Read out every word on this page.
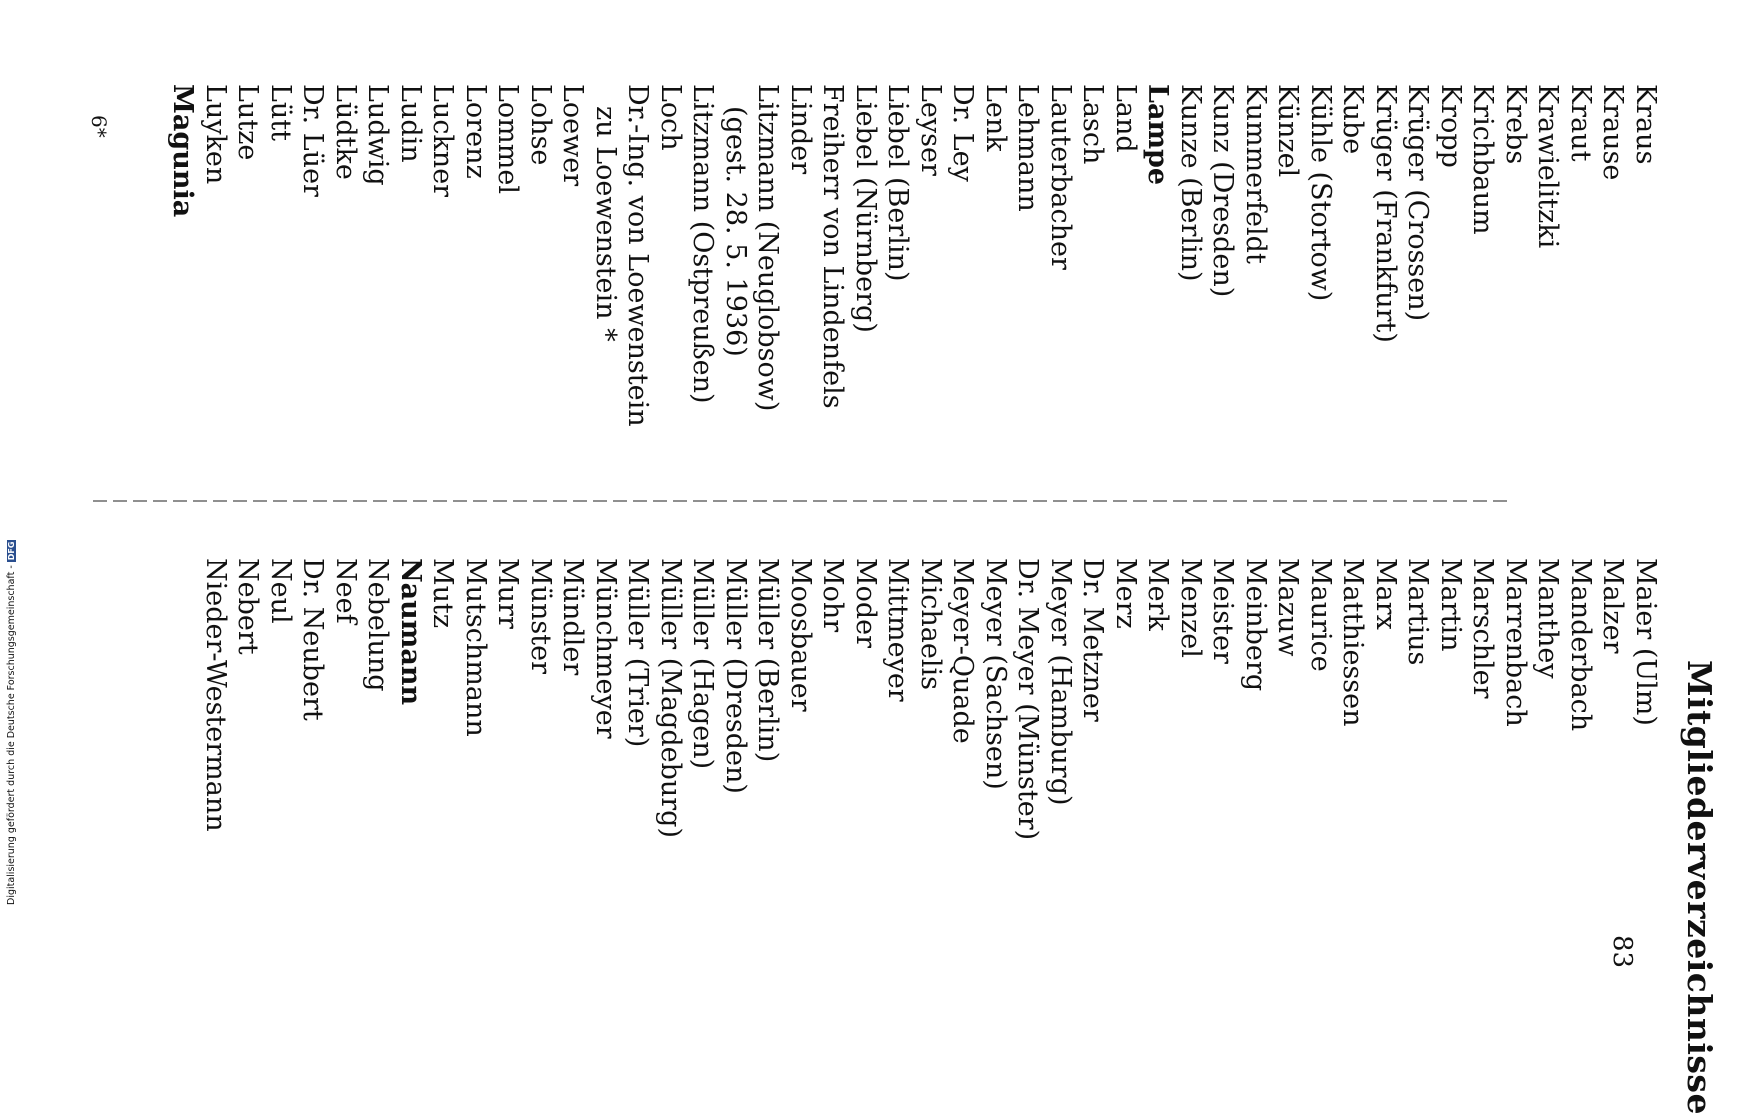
Mitgliederverzeichnisse
83
6*
Maier (Ulm)
Malzer
Manderbach
Manthey
Marrenbach
Marschler
Martin
Martius
Marx
Matthiessen
Maurice
Mazuw
Meinberg
Meister
Menzel
Merk
Merz
Dr. Metzner
Meyer (Hamburg)
Dr. Meyer (Münster)
Meyer (Sachsen)
Meyer-Quade
Michaelis
Mittmeyer
Moder
Mohr
Moosbauer
Müller (Berlin)
Müller (Dresden)
Müller (Hagen)
Müller (Magdeburg)
Müller (Trier)
Münchmeyer
Mündler
Münster
Murr
Mutschmann
Mutz
Naumann
Nebelung
Neef
Dr. Neubert
Neul
Nebert
Nieder-Westermann
Kraus
Krause
Kraut
Krawielitzki
Krebs
Krichbaum
Kropp
Krüger (Crossen)
Krüger (Frankfurt)
Kube
Kühle (Stortow)
Künzel
Kummerfeldt
Kunz (Dresden)
Kunze (Berlin)
Lampe
Land
Lasch
Lauterbacher
Lehmann
Lenk
Dr. Ley
Leyser
Liebel (Berlin)
Liebel (Nürnberg)
Freiherr von Lindenfels
Linder
Litzmann (Neuglobsow)
(gest. 28. 5. 1936)
Litzmann (Ostpreußen)
Loch
Dr.-Ing. von Loewenstein
zu Loewenstein *
Loewer
Lohse
Lommel
Lorenz
Luckner
Ludin
Ludwig
Lüdtke
Dr. Lüer
Lütt
Lutze
Luyken
Magunia
Digitalisierung gefördert durch die Deutsche Forschungsgemeinschaft -DFG
